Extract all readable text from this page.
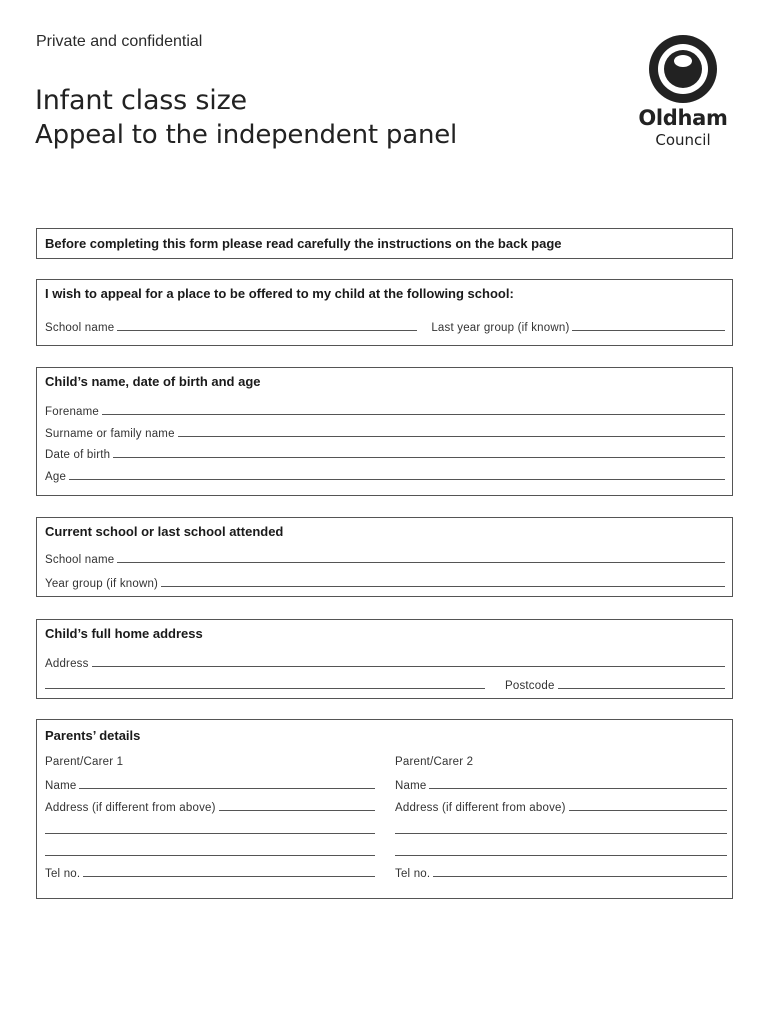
Private and confidential
Infant class size
Appeal to the independent panel
Oldham
Council
Before completing this form please read carefully the instructions on the back page
I wish to appeal for a place to be offered to my child at the following school:
School name	Last year group (if known)
Child’s name, date of birth and age
Forename
Surname or family name
Date of birth
Age
Current school or last school attended
School name
Year group (if known)
Child’s full home address
Address
Postcode
Parents’ details
Parent/Carer 1	Parent/Carer 2
Name	Name
Address (if different from above)	Address (if different from above)
Tel no.	Tel no.
